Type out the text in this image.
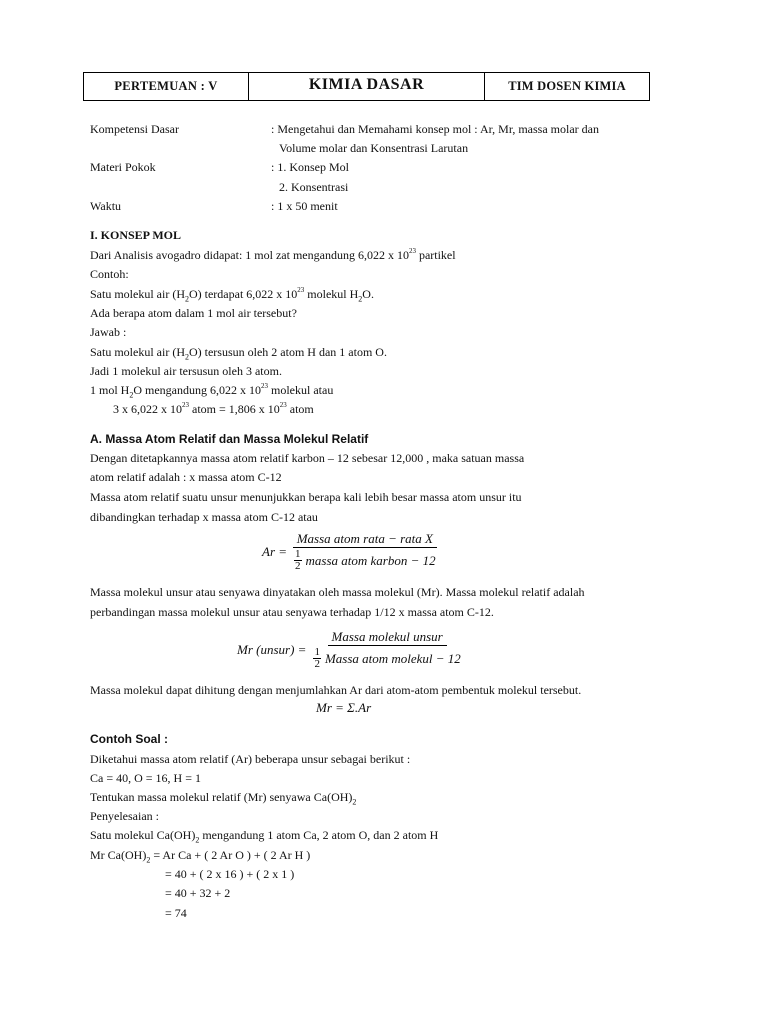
PERTEMUAN : V	KIMIA DASAR	TIM DOSEN KIMIA
Kompetensi Dasar	: Mengetahui dan Memahami konsep mol : Ar, Mr, massa molar dan
Volume molar dan Konsentrasi Larutan
Materi Pokok	: 1. Konsep Mol
2. Konsentrasi
Waktu	: 1 x 50 menit
I. KONSEP MOL
Dari Analisis avogadro didapat: 1 mol zat mengandung 6,022 x $10^{23}$ partikel
Contoh:
Satu molekul air $(H_2O)$ terdapat 6,022 x $10^{23}$ molekul $H_2O$.
Ada berapa atom dalam 1 mol air tersebut?
Jawab :
Satu molekul air $(H_2O)$ tersusun oleh 2 atom H dan 1 atom O.
Jadi 1 molekul air tersusun oleh 3 atom.
1 mol $H_2O$ mengandung 6,022 x $10^{23}$ molekul atau
3 x 6,022 x $10^{23}$ atom = 1,806 x $10^{23}$ atom
A. Massa Atom Relatif dan Massa Molekul Relatif
Dengan ditetapkannya massa atom relatif karbon – 12 sebesar 12,000 , maka satuan massa
atom relatif adalah : x massa atom C-12
Massa atom relatif suatu unsur menunjukkan berapa kali lebih besar massa atom unsur itu
dibandingkan terhadap x massa atom C-12 atau
Ar = Massa atom rata − rata X
1
2 massa atom karbon − 12
Massa molekul unsur atau senyawa dinyatakan oleh massa molekul (Mr). Massa molekul relatif adalah
perbandingan massa molekul unsur atau senyawa terhadap 1/12 x massa atom C-12.
Mr (unsur) = Massa molekul unsur
1
2 Massa atom molekul − 12
Massa molekul dapat dihitung dengan menjumlahkan Ar dari atom-atom pembentuk molekul tersebut.
Mr = Σ.Ar
Contoh Soal :
Diketahui massa atom relatif (Ar) beberapa unsur sebagai berikut :
Ca = 40, O = 16, H = 1
Tentukan massa molekul relatif (Mr) senyawa $Ca(OH)_2$
Penyelesaian :
Satu molekul $Ca(OH)_2$ mengandung 1 atom Ca, 2 atom O, dan 2 atom H
Mr $Ca(OH)_2 = Ar$ Ca + ( 2 Ar O ) + ( 2 Ar H )
= 40 + ( 2 x 16 ) + ( 2 x 1 )
= 40 + 32 + 2
= 74
